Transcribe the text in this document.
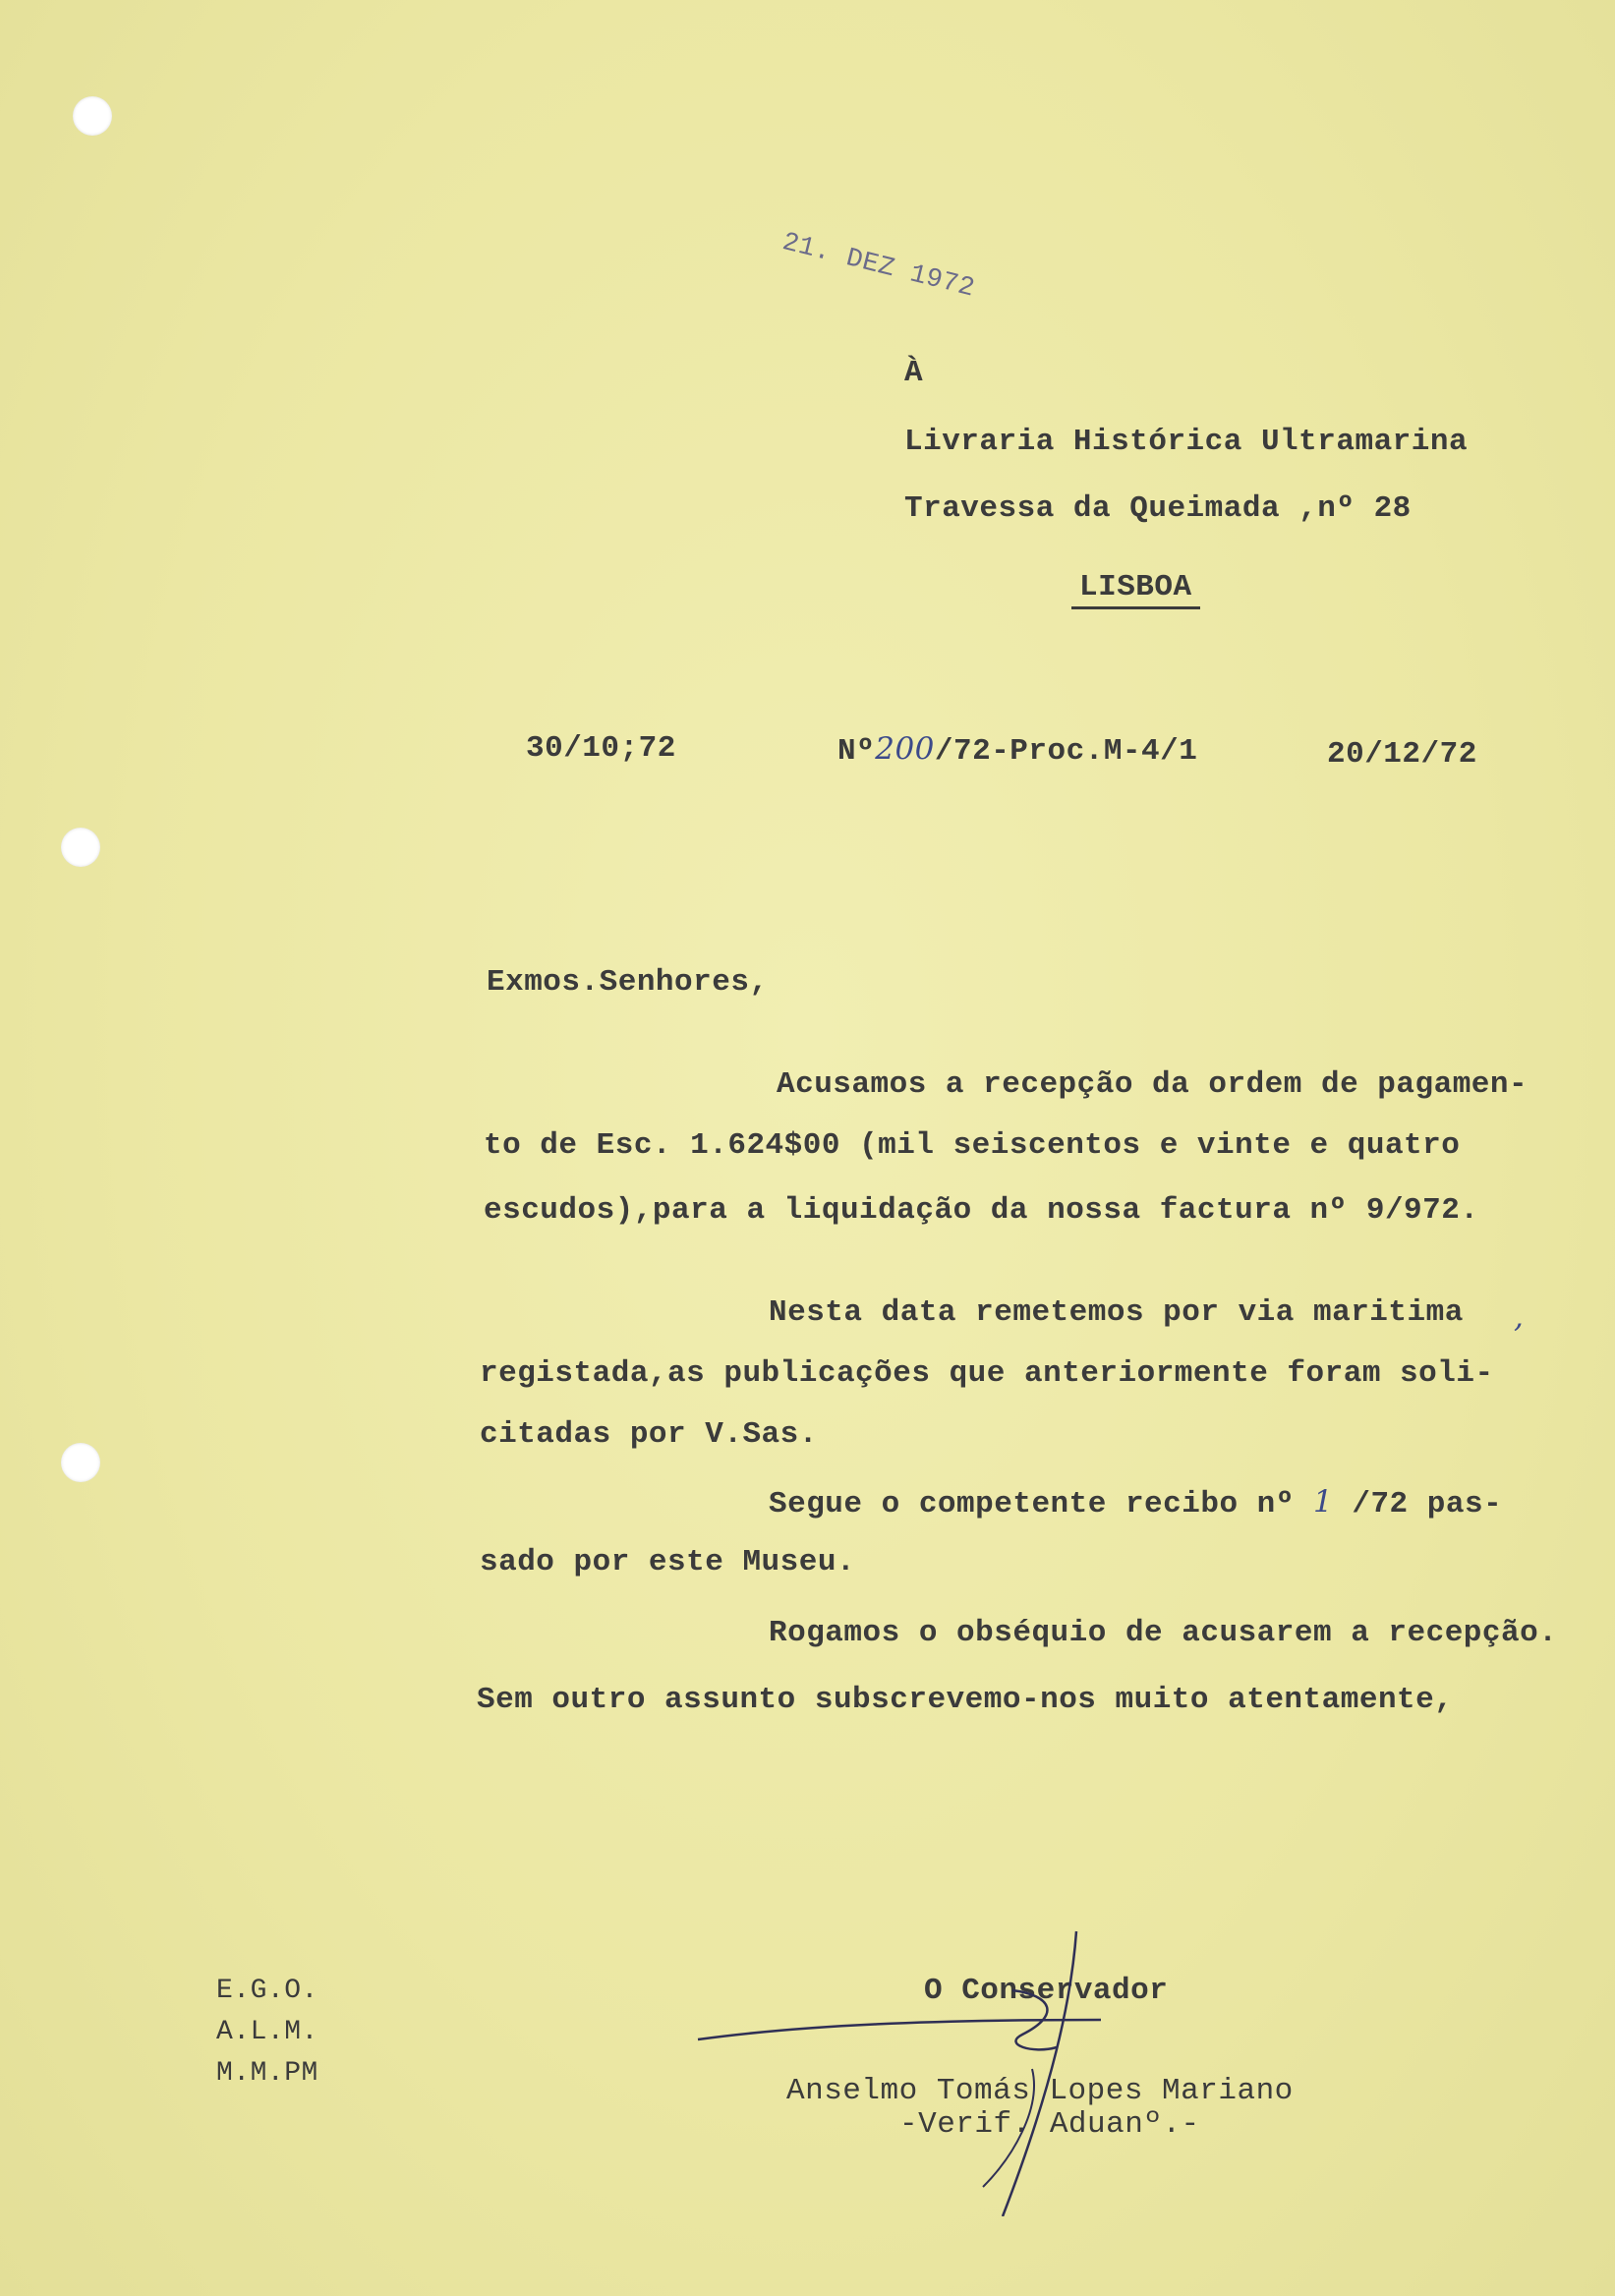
21. DEZ 1972
À
Livraria Histórica Ultramarina
Travessa da Queimada ,nº 28
LISBOA
30/10;72	Nº200/72-Proc.M-4/1	20/12/72
Exmos.Senhores,
Acusamos a recepção da ordem de pagamen-
to de Esc. 1.624$00 (mil seiscentos e vinte e quatro
escudos),para a liquidação da nossa factura nº 9/972.
Nesta data remetemos por via maritima ,
registada,as publicações que anteriormente foram soli-
citadas por V.Sas.
Segue o competente recibo nº 1 /72 pas-
sado por este Museu.
Rogamos o obséquio de acusarem a recepção.
Sem outro assunto subscrevemo-nos muito atentamente,
E.G.O.
A.L.M.
M.M.PM
O Conservador
Anselmo Tomás Lopes Mariano
-Verif. Aduanº.-
